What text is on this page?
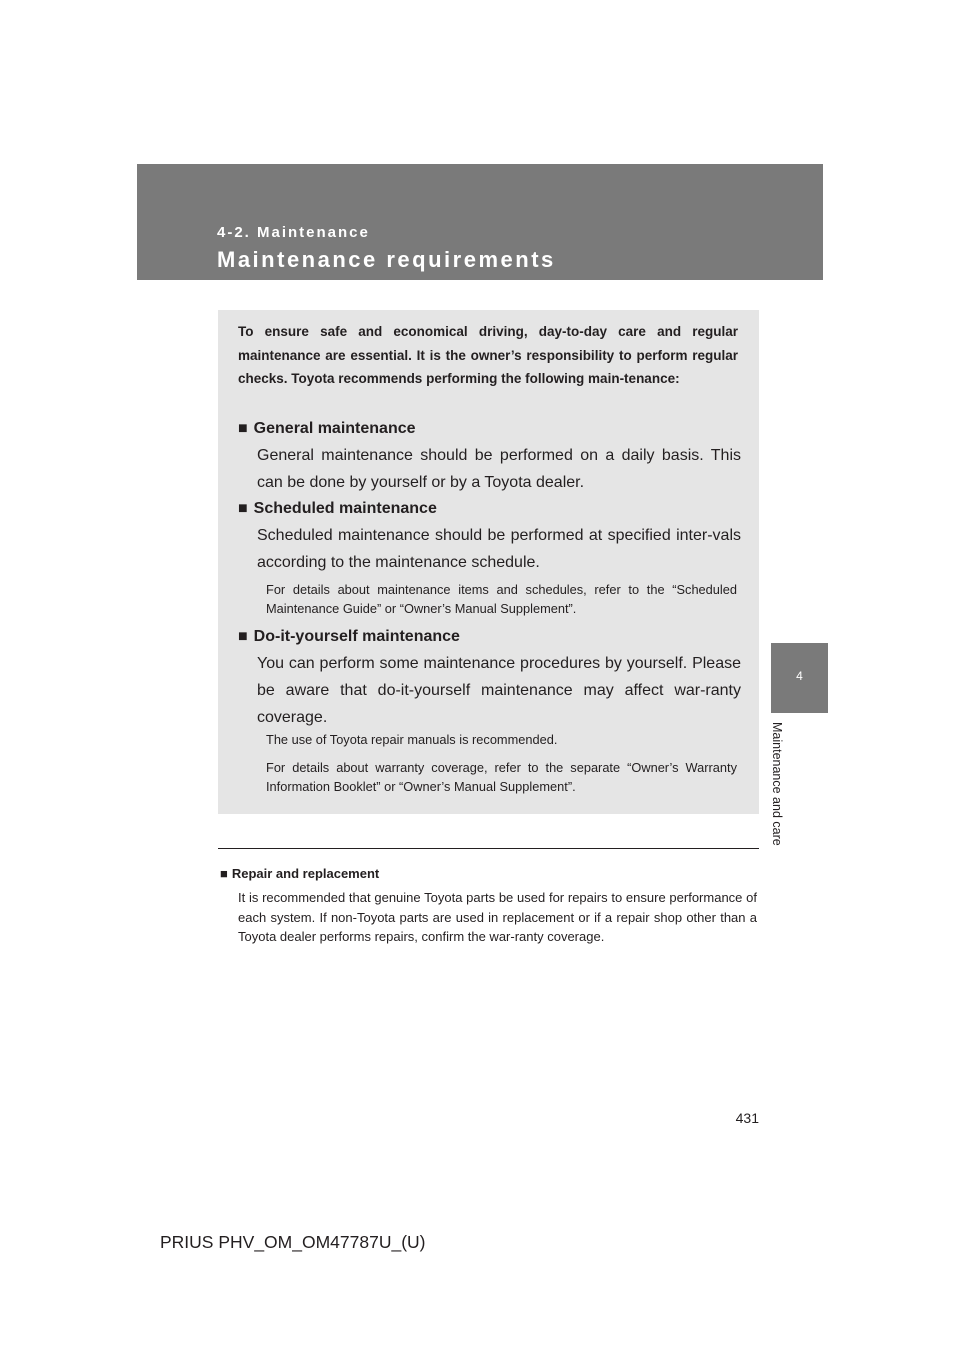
4-2. Maintenance
Maintenance requirements
4
Maintenance and care

To ensure safe and economical driving, day-to-day care and regular maintenance are essential. It is the owner’s responsibility to perform regular checks. Toyota recommends performing the following main-tenance:

■ General maintenance

General maintenance should be performed on a daily basis. This can be done by yourself or by a Toyota dealer.

■ Scheduled maintenance

Scheduled maintenance should be performed at specified inter-vals according to the maintenance schedule.

For details about maintenance items and schedules, refer to the “Scheduled Maintenance Guide” or “Owner’s Manual Supplement”.

■ Do-it-yourself maintenance

You can perform some maintenance procedures by yourself. Please be aware that do-it-yourself maintenance may affect war-ranty coverage.

The use of Toyota repair manuals is recommended.

For details about warranty coverage, refer to the separate “Owner’s Warranty Information Booklet” or “Owner’s Manual Supplement”.

■ Repair and replacement

It is recommended that genuine Toyota parts be used for repairs to ensure performance of each system. If non-Toyota parts are used in replacement or if a repair shop other than a Toyota dealer performs repairs, confirm the war-ranty coverage.

431
PRIUS PHV_OM_OM47787U_(U)
